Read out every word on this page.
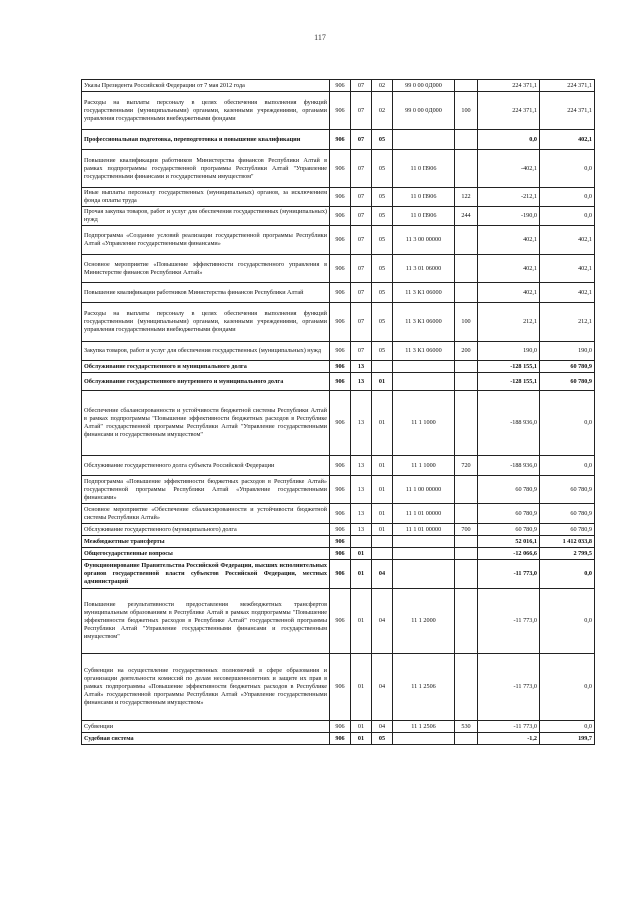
117
Указы Президента Российской Федерации от 7 мая 2012 года	906	07	02	99 0 00 0Д000		224 371,1	224 371,1
Расходы на выплаты персоналу в целях обеспечения выполнения функций государственными (муниципальными) органами, казенными учреждениями, органами управления государственными внебюджетными фондами	906	07	02	99 0 00 0Д000	100	224 371,1	224 371,1
Профессиональная подготовка, переподготовка и повышение квалификации	906	07	05			0,0	402,1
Повышение квалификации работников Министерства финансов Республики Алтай в рамках подпрограммы государственной программы Республики Алтай "Управление государственными финансами и государственным имуществом"	906	07	05	11 0 П906		-402,1	0,0
Иные выплаты персоналу государственных (муниципальных) органов, за исключением фонда оплаты труда	906	07	05	11 0 П906	122	-212,1	0,0
Прочая закупка товаров, работ и услуг для обеспечения государственных (муниципальных) нужд	906	07	05	11 0 П906	244	-190,0	0,0
Подпрограмма «Создание условий реализации государственной программы Республики Алтай «Управление государственными финансами»	906	07	05	11 3 00 00000		402,1	402,1
Основное мероприятие «Повышение эффективности государственного управления в Министерстве финансов Республики Алтай»	906	07	05	11 3 01 06000		402,1	402,1
Повышение квалификации работников Министерства финансов Республики Алтай	906	07	05	11 3 К1 06000		402,1	402,1
Расходы на выплаты персоналу в целях обеспечения выполнения функций государственными (муниципальными) органами, казенными учреждениями, органами управления государственными внебюджетными фондами	906	07	05	11 3 К1 06000	100	212,1	212,1
Закупка товаров, работ и услуг для обеспечения государственных (муниципальных) нужд	906	07	05	11 3 К1 06000	200	190,0	190,0
Обслуживание государственного и муниципального долга	906	13				-128 155,1	60 780,9
Обслуживание государственного внутреннего и муниципального долга	906	13	01			-128 155,1	60 780,9
Обеспечение сбалансированности и устойчивости бюджетной системы Республики Алтай в рамках подпрограммы "Повышение эффективности бюджетных расходов в Республике Алтай" государственной программы Республики Алтай "Управление государственными финансами и государственным имуществом"	906	13	01	11 1 1000		-188 936,0	0,0
Обслуживание государственного долга субъекта Российской Федерации	906	13	01	11 1 1000	720	-188 936,0	0,0
Подпрограмма «Повышение эффективности бюджетных расходов в Республике Алтай» государственной программы Республики Алтай «Управление государственными финансами»	906	13	01	11 1 00 00000		60 780,9	60 780,9
Основное мероприятие «Обеспечение сбалансированности и устойчивости бюджетной системы Республики Алтай»	906	13	01	11 1 01 00000		60 780,9	60 780,9
Обслуживание государственного (муниципального) долга	906	13	01	11 1 01 00000	700	60 780,9	60 780,9
Межбюджетные трансферты	906					52 016,1	1 412 033,8
Общегосударственные вопросы	906	01				-12 066,6	2 799,5
Функционирование Правительства Российской Федерации, высших исполнительных органов государственной власти субъектов Российской Федерации, местных администраций	906	01	04			-11 773,0	0,0
Повышение результативности предоставления межбюджетных трансфертов муниципальным образованиям в Республике Алтай в рамках подпрограммы "Повышение эффективности бюджетных расходов в Республике Алтай" государственной программы Республики Алтай "Управление государственными финансами и государственным имуществом"	906	01	04	11 1 2000		-11 773,0	0,0
Субвенции на осуществление государственных полномочий в сфере образования и организации деятельности комиссий по делам несовершеннолетних и защите их прав в рамках подпрограммы «Повышение эффективности бюджетных расходов в Республике Алтай» государственной программы Республики Алтай «Управление государственными финансами и государственным имуществом»	906	01	04	11 1 2506		-11 773,0	0,0
Субвенции	906	01	04	11 1 2506	530	-11 773,0	0,0
Судебная система	906	01	05			-1,2	199,7
